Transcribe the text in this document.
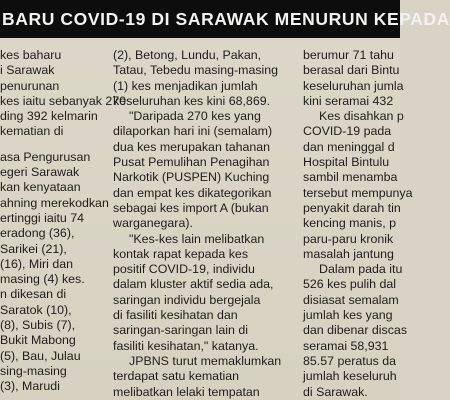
BARU COVID-19 DI SARAWAK MENURUN KEPADA
kes baharu
i Sarawak
penurunan
kes iaitu sebanyak 270
ding 392 kelmarin
kematian di
asa Pengurusan
egeri Sarawak
kan kenyataan
ahning merekodkan
ertinggi iaitu 74
eradong (36),
Sarikei (21),
(16), Miri dan
masing (4) kes.
n dikesan di
Saratok (10),
(8), Subis (7),
Bukit Mabong
(5), Bau, Julau
sing-masing
(3), Marudi
(2), Betong, Lundu, Pakan,
Tatau, Tebedu masing-masing
(1) kes menjadikan jumlah
keseluruhan kes kini 68,869.
"Daripada 270 kes yang
dilaporkan hari ini (semalam)
dua kes merupakan tahanan
Pusat Pemulihan Penagihan
Narkotik (PUSPEN) Kuching
dan empat kes dikategorikan
sebagai kes import A (bukan
warganegara).
"Kes-kes lain melibatkan
kontak rapat kepada kes
positif COVID-19, individu
dalam kluster aktif sedia ada,
saringan individu bergejala
di fasiliti kesihatan dan
saringan-saringan lain di
fasiliti kesihatan," katanya.
JPBNS turut memaklumkan
terdapat satu kematian
melibatkan lelaki tempatan
berumur 71 tahu
berasal dari Bintu
keseluruhan jumla
kini seramai 432
Kes disahkan p
COVID-19 pada
dan meninggal d
Hospital Bintulu
sambil menamba
tersebut mempunya
penyakit darah tin
kencing manis, p
paru-paru kronik
masalah jantung
Dalam pada itu
526 kes pulih dal
disiasat semalam
jumlah kes yang
dan dibenar discas
seramai 58,931
85.57 peratus da
jumlah keseluruh
di Sarawak.
